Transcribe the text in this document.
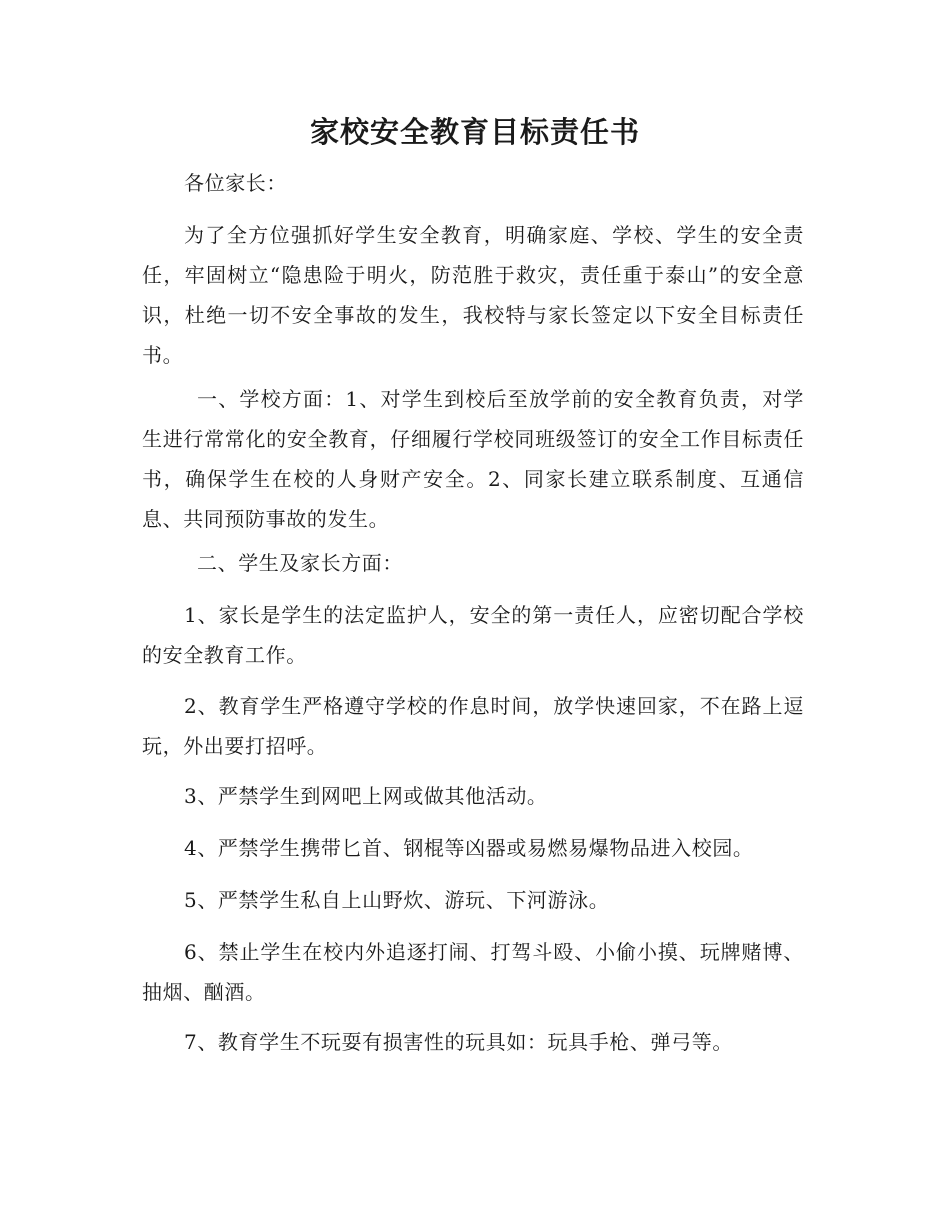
家校安全教育目标责任书

各位家长：

为了全方位强抓好学生安全教育，明确家庭、学校、学生的安全责任，牢固树立“隐患险于明火，防范胜于救灾，责任重于泰山”的安全意识，杜绝一切不安全事故的发生，我校特与家长签定以下安全目标责任书。

一、学校方面：1、对学生到校后至放学前的安全教育负责，对学生进行常常化的安全教育，仔细履行学校同班级签订的安全工作目标责任书，确保学生在校的人身财产安全。2、同家长建立联系制度、互通信息、共同预防事故的发生。

二、学生及家长方面：

1、家长是学生的法定监护人，安全的第一责任人，应密切配合学校的安全教育工作。

2、教育学生严格遵守学校的作息时间，放学快速回家，不在路上逗玩，外出要打招呼。

3、严禁学生到网吧上网或做其他活动。

4、严禁学生携带匕首、钢棍等凶器或易燃易爆物品进入校园。

5、严禁学生私自上山野炊、游玩、下河游泳。

6、禁止学生在校内外追逐打闹、打驾斗殴、小偷小摸、玩牌赌博、抽烟、酗酒。

7、教育学生不玩耍有损害性的玩具如：玩具手枪、弹弓等。
